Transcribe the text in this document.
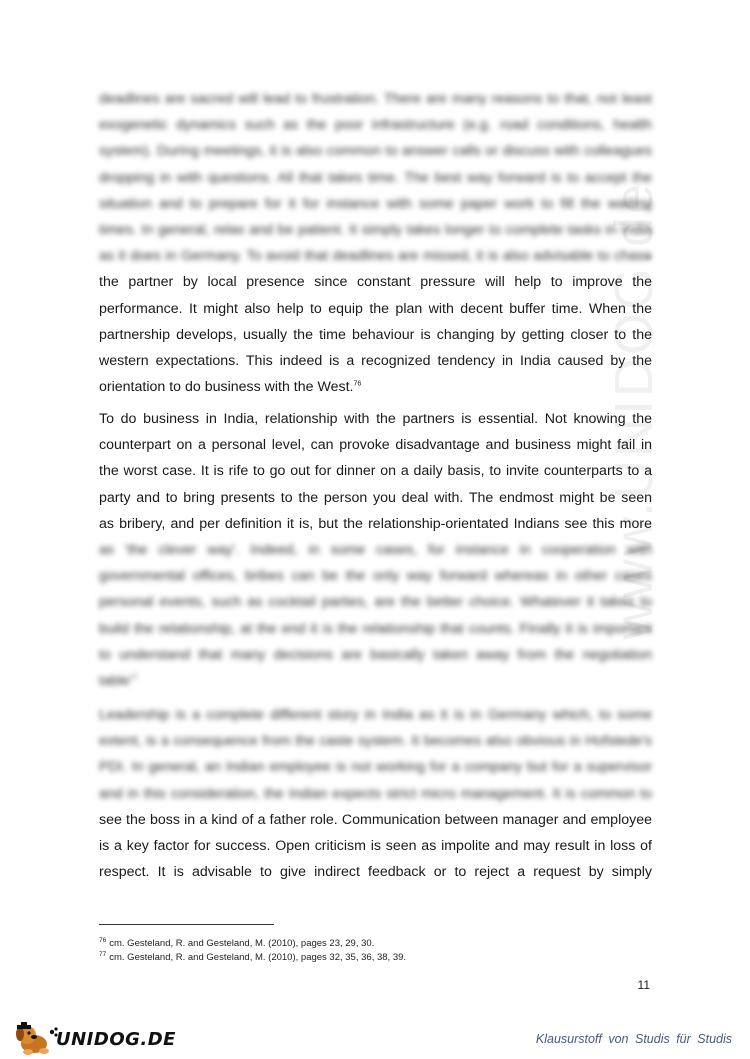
www.UNIDOG.de

deadlines are sacred will lead to frustration. There are many reasons to that, not least

exogenetic dynamics such as the poor infrastructure (e.g. road conditions, health

system). During meetings, it is also common to answer calls or discuss with colleagues

dropping in with questions. All that takes time. The best way forward is to accept the

situation and to prepare for it for instance with some paper work to fill the waiting

times. In general, relax and be patient. It simply takes longer to complete tasks in India

as it does in Germany. To avoid that deadlines are missed, it is also advisable to chase

the partner by local presence since constant pressure will help to improve the

performance. It might also help to equip the plan with decent buffer time. When the

partnership develops, usually the time behaviour is changing by getting closer to the

western expectations. This indeed is a recognized tendency in India caused by the

orientation to do business with the West.$^{76}$

To do business in India, relationship with the partners is essential. Not knowing the

counterpart on a personal level, can provoke disadvantage and business might fail in

the worst case. It is rife to go out for dinner on a daily basis, to invite counterparts to a

party and to bring presents to the person you deal with. The endmost might be seen

as bribery, and per definition it is, but the relationship-orientated Indians see this more

as 'the clever way'. Indeed, in some cases, for instance in cooperation with

governmental offices, bribes can be the only way forward whereas in other cases

personal events, such as cocktail parties, are the better choice. Whatever it takes to

build the relationship, at the end it is the relationship that counts. Finally it is important

to understand that many decisions are basically taken away from the negotiation

table$^{77}$

Leadership is a complete different story in India as it is in Germany which, to some

extent, is a consequence from the caste system. It becomes also obvious in Hofstede's

PDI. In general, an Indian employee is not working for a company but for a supervisor

and in this consideration, the Indian expects strict micro management. It is common to

see the boss in a kind of a father role. Communication between manager and employee

is a key factor for success. Open criticism is seen as impolite and may result in loss of

respect. It is advisable to give indirect feedback or to reject a request by simply

$^{76}$ cm. Gesteland, R. and Gesteland, M. (2010), pages 23, 29, 30.
$^{77}$ cm. Gesteland, R. and Gesteland, M. (2010), pages 32, 35, 36, 38, 39.
11
UNIDOG.DE	Klausurstoff von Studis für Studis
